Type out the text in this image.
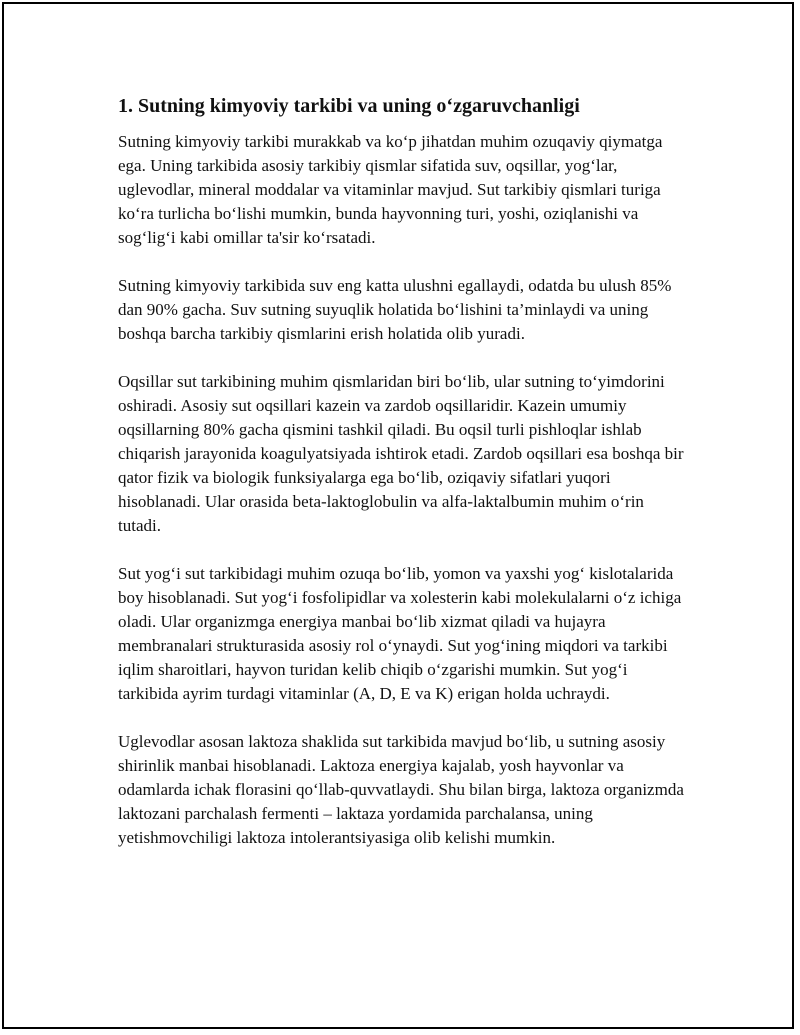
1. Sutning kimyoviy tarkibi va uning o‘zgaruvchanligi

Sutning kimyoviy tarkibi murakkab va ko‘p jihatdan muhim ozuqaviy qiymatga ega. Uning tarkibida asosiy tarkibiy qismlar sifatida suv, oqsillar, yog‘lar, uglevodlar, mineral moddalar va vitaminlar mavjud. Sut tarkibiy qismlari turiga ko‘ra turlicha bo‘lishi mumkin, bunda hayvonning turi, yoshi, oziqlanishi va sog‘lig‘i kabi omillar ta'sir ko‘rsatadi.

Sutning kimyoviy tarkibida suv eng katta ulushni egallaydi, odatda bu ulush 85% dan 90% gacha. Suv sutning suyuqlik holatida bo‘lishini ta’minlaydi va uning boshqa barcha tarkibiy qismlarini erish holatida olib yuradi.

Oqsillar sut tarkibining muhim qismlaridan biri bo‘lib, ular sutning to‘yimdorini oshiradi. Asosiy sut oqsillari kazein va zardob oqsillaridir. Kazein umumiy oqsillarning 80% gacha qismini tashkil qiladi. Bu oqsil turli pishloqlar ishlab chiqarish jarayonida koagulyatsiyada ishtirok etadi. Zardob oqsillari esa boshqa bir qator fizik va biologik funksiyalarga ega bo‘lib, oziqaviy sifatlari yuqori hisoblanadi. Ular orasida beta-laktoglobulin va alfa-laktalbumin muhim o‘rin tutadi.

Sut yog‘i sut tarkibidagi muhim ozuqa bo‘lib, yomon va yaxshi yog‘ kislotalarida boy hisoblanadi. Sut yog‘i fosfolipidlar va xolesterin kabi molekulalarni o‘z ichiga oladi. Ular organizmga energiya manbai bo‘lib xizmat qiladi va hujayra membranalari strukturasida asosiy rol o‘ynaydi. Sut yog‘ining miqdori va tarkibi iqlim sharoitlari, hayvon turidan kelib chiqib o‘zgarishi mumkin. Sut yog‘i tarkibida ayrim turdagi vitaminlar (A, D, E va K) erigan holda uchraydi.

Uglevodlar asosan laktoza shaklida sut tarkibida mavjud bo‘lib, u sutning asosiy shirinlik manbai hisoblanadi. Laktoza energiya kajalab, yosh hayvonlar va odamlarda ichak florasini qo‘llab-quvvatlaydi. Shu bilan birga, laktoza organizmda laktozani parchalash fermenti – laktaza yordamida parchalansa, uning yetishmovchiligi laktoza intolerantsiyasiga olib kelishi mumkin.
